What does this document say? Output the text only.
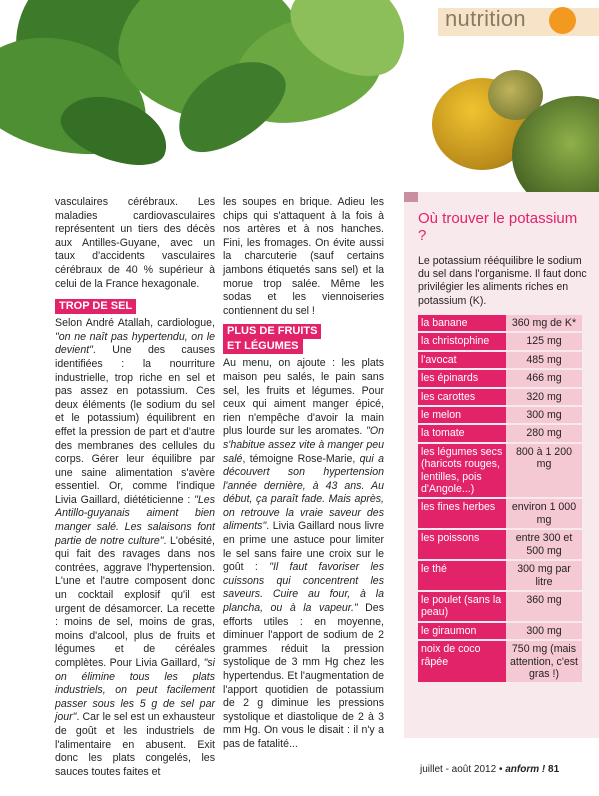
nutrition

vasculaires cérébraux. Les maladies cardiovasculaires représentent un tiers des décès aux Antilles-Guyane, avec un taux d'accidents vasculaires cérébraux de 40 % supérieur à celui de la France hexagonale.

TROP DE SEL

Selon André Atallah, cardiologue, "on ne naît pas hypertendu, on le devient". Une des causes identifiées : la nourriture industrielle, trop riche en sel et pas assez en potassium. Ces deux éléments (le sodium du sel et le potassium) équilibrent en effet la pression de part et d'autre des membranes des cellules du corps. Gérer leur équilibre par une saine alimentation s'avère essentiel. Or, comme l'indique Livia Gaillard, diététicienne : "Les Antillo-guyanais aiment bien manger salé. Les salaisons font partie de notre culture". L'obésité, qui fait des ravages dans nos contrées, aggrave l'hypertension. L'une et l'autre composent donc un cocktail explosif qu'il est urgent de désamorcer. La recette : moins de sel, moins de gras, moins d'alcool, plus de fruits et légumes et de céréales complètes. Pour Livia Gaillard, "si on élimine tous les plats industriels, on peut facilement passer sous les 5 g de sel par jour". Car le sel est un exhausteur de goût et les industriels de l'alimentaire en abusent. Exit donc les plats congelés, les sauces toutes faites et

les soupes en brique. Adieu les chips qui s'attaquent à la fois à nos artères et à nos hanches. Fini, les fromages. On évite aussi la charcuterie (sauf certains jambons étiquetés sans sel) et la morue trop salée. Même les sodas et les viennoiseries contiennent du sel !

PLUS DE FRUITS
ET LÉGUMES

Au menu, on ajoute : les plats maison peu salés, le pain sans sel, les fruits et légumes. Pour ceux qui aiment manger épicé, rien n'empêche d'avoir la main plus lourde sur les aromates. "On s'habitue assez vite à manger peu salé, témoigne Rose-Marie, qui a découvert son hypertension l'année dernière, à 43 ans. Au début, ça paraît fade. Mais après, on retrouve la vraie saveur des aliments". Livia Gaillard nous livre en prime une astuce pour limiter le sel sans faire une croix sur le goût : "Il faut favoriser les cuissons qui concentrent les saveurs. Cuire au four, à la plancha, ou à la vapeur." Des efforts utiles : en moyenne, diminuer l'apport de sodium de 2 grammes réduit la pression systolique de 3 mm Hg chez les hypertendus. Et l'augmentation de l'apport quotidien de potassium de 2 g diminue les pressions systolique et diastolique de 2 à 3 mm Hg. On vous le disait : il n'y a pas de fatalité...

Où trouver le potassium ?
Le potassium rééquilibre le sodium du sel dans l'organisme. Il faut donc privilégier les aliments riches en potassium (K).
la banane	360 mg de K*
la christophine	125 mg
l'avocat	485 mg
les épinards	466 mg
les carottes	320 mg
le melon	300 mg
la tomate	280 mg
les légumes secs (haricots rouges, lentilles, pois d'Angole...)	800 à 1 200 mg
les fines herbes	environ 1 000 mg
les poissons	entre 300 et 500 mg
le thé	300 mg par litre
le poulet (sans la peau)	360 mg
le giraumon	300 mg
noix de coco râpée	750 mg (mais attention, c'est gras !)
juillet - août 2012 • anform ! 81
